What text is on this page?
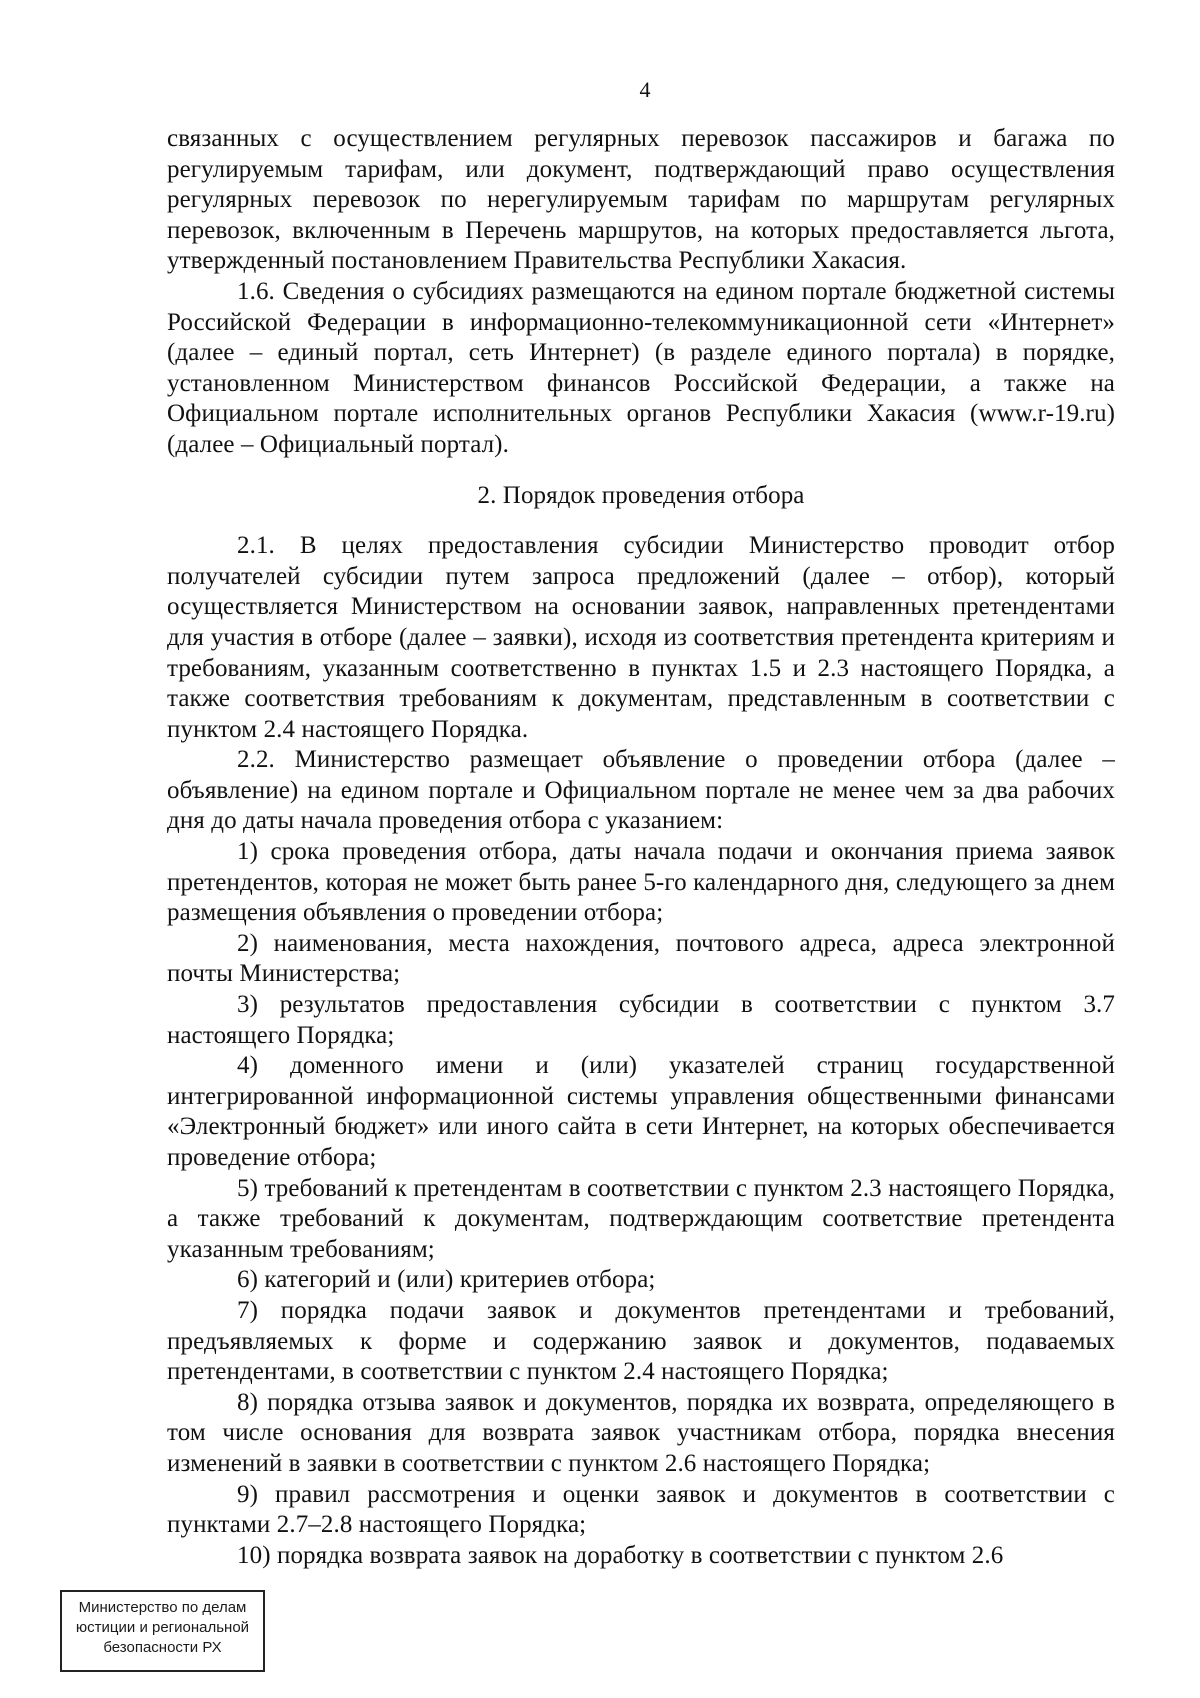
4

связанных с осуществлением регулярных перевозок пассажиров и багажа по регулируемым тарифам, или документ, подтверждающий право осуществления регулярных перевозок по нерегулируемым тарифам по маршрутам регулярных перевозок, включенным в Перечень маршрутов, на которых предоставляется льгота, утвержденный постановлением Правительства Республики Хакасия.

1.6. Сведения о субсидиях размещаются на едином портале бюджетной системы Российской Федерации в информационно-телекоммуникационной сети «Интернет» (далее – единый портал, сеть Интернет) (в разделе единого портала) в порядке, установленном Министерством финансов Российской Федерации, а также на Официальном портале исполнительных органов Республики Хакасия (www.r-19.ru) (далее – Официальный портал).

2. Порядок проведения отбора

2.1. В целях предоставления субсидии Министерство проводит отбор получателей субсидии путем запроса предложений (далее – отбор), который осуществляется Министерством на основании заявок, направленных претендентами для участия в отборе (далее – заявки), исходя из соответствия претендента критериям и требованиям, указанным соответственно в пунктах 1.5 и 2.3 настоящего Порядка, а также соответствия требованиям к документам, представленным в соответствии с пунктом 2.4 настоящего Порядка.

2.2. Министерство размещает объявление о проведении отбора (далее – объявление) на едином портале и Официальном портале не менее чем за два рабочих дня до даты начала проведения отбора с указанием:

1) срока проведения отбора, даты начала подачи и окончания приема заявок претендентов, которая не может быть ранее 5-го календарного дня, следующего за днем размещения объявления о проведении отбора;

2) наименования, места нахождения, почтового адреса, адреса электронной почты Министерства;

3) результатов предоставления субсидии в соответствии с пунктом 3.7 настоящего Порядка;

4) доменного имени и (или) указателей страниц государственной интегрированной информационной системы управления общественными финансами «Электронный бюджет» или иного сайта в сети Интернет, на которых обеспечивается проведение отбора;

5) требований к претендентам в соответствии с пунктом 2.3 настоящего Порядка, а также требований к документам, подтверждающим соответствие претендента указанным требованиям;

6) категорий и (или) критериев отбора;

7) порядка подачи заявок и документов претендентами и требований, предъявляемых к форме и содержанию заявок и документов, подаваемых претендентами, в соответствии с пунктом 2.4 настоящего Порядка;

8) порядка отзыва заявок и документов, порядка их возврата, определяющего в том числе основания для возврата заявок участникам отбора, порядка внесения изменений в заявки в соответствии с пунктом 2.6 настоящего Порядка;

9) правил рассмотрения и оценки заявок и документов в соответствии с пунктами 2.7–2.8 настоящего Порядка;

10) порядка возврата заявок на доработку в соответствии с пунктом 2.6

Министерство по делам
юстиции и региональной
безопасности РХ
